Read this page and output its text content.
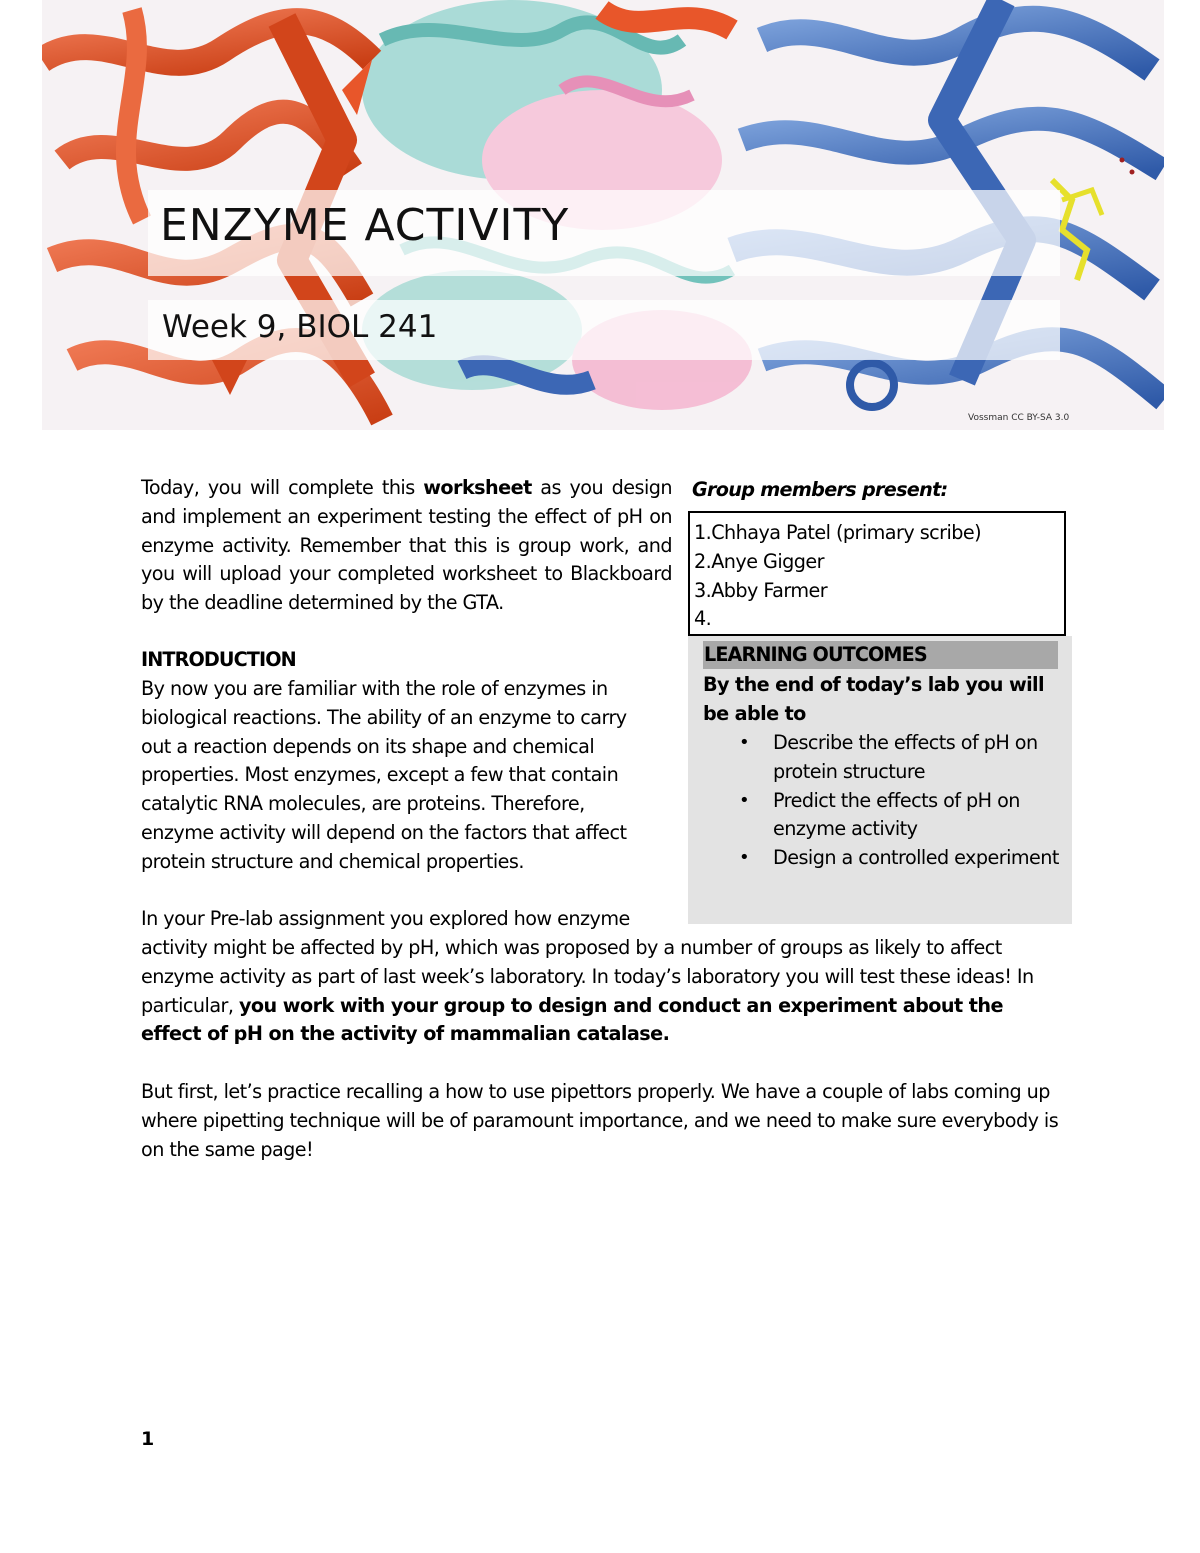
ENZYME ACTIVITY
Week 9, BIOL 241
Vossman CC BY-SA 3.0

Today, you will complete this worksheet as you design and implement an experiment testing the effect of pH on enzyme activity. Remember that this is group work, and you will upload your completed worksheet to Blackboard by the deadline determined by the GTA.

INTRODUCTION

By now you are familiar with the role of enzymes in biological reactions. The ability of an enzyme to carry out a reaction depends on its shape and chemical properties. Most enzymes, except a few that contain catalytic RNA molecules, are proteins. Therefore, enzyme activity will depend on the factors that affect protein structure and chemical properties.

In your Pre-lab assignment you explored how enzyme

activity might be affected by pH, which was proposed by a number of groups as likely to affect enzyme activity as part of last week’s laboratory. In today’s laboratory you will test these ideas! In particular, you work with your group to design and conduct an experiment about the effect of pH on the activity of mammalian catalase.

But first, let’s practice recalling a how to use pipettors properly. We have a couple of labs coming up where pipetting technique will be of paramount importance, and we need to make sure everybody is on the same page!

Group members present:
1.Chhaya Patel (primary scribe)
2.Anye Gigger
3.Abby Farmer
4.
LEARNING OUTCOMES

By the end of today’s lab you will be able to

• Describe the effects of pH on protein structure
• Predict the effects of pH on enzyme activity
• Design a controlled experiment
1
